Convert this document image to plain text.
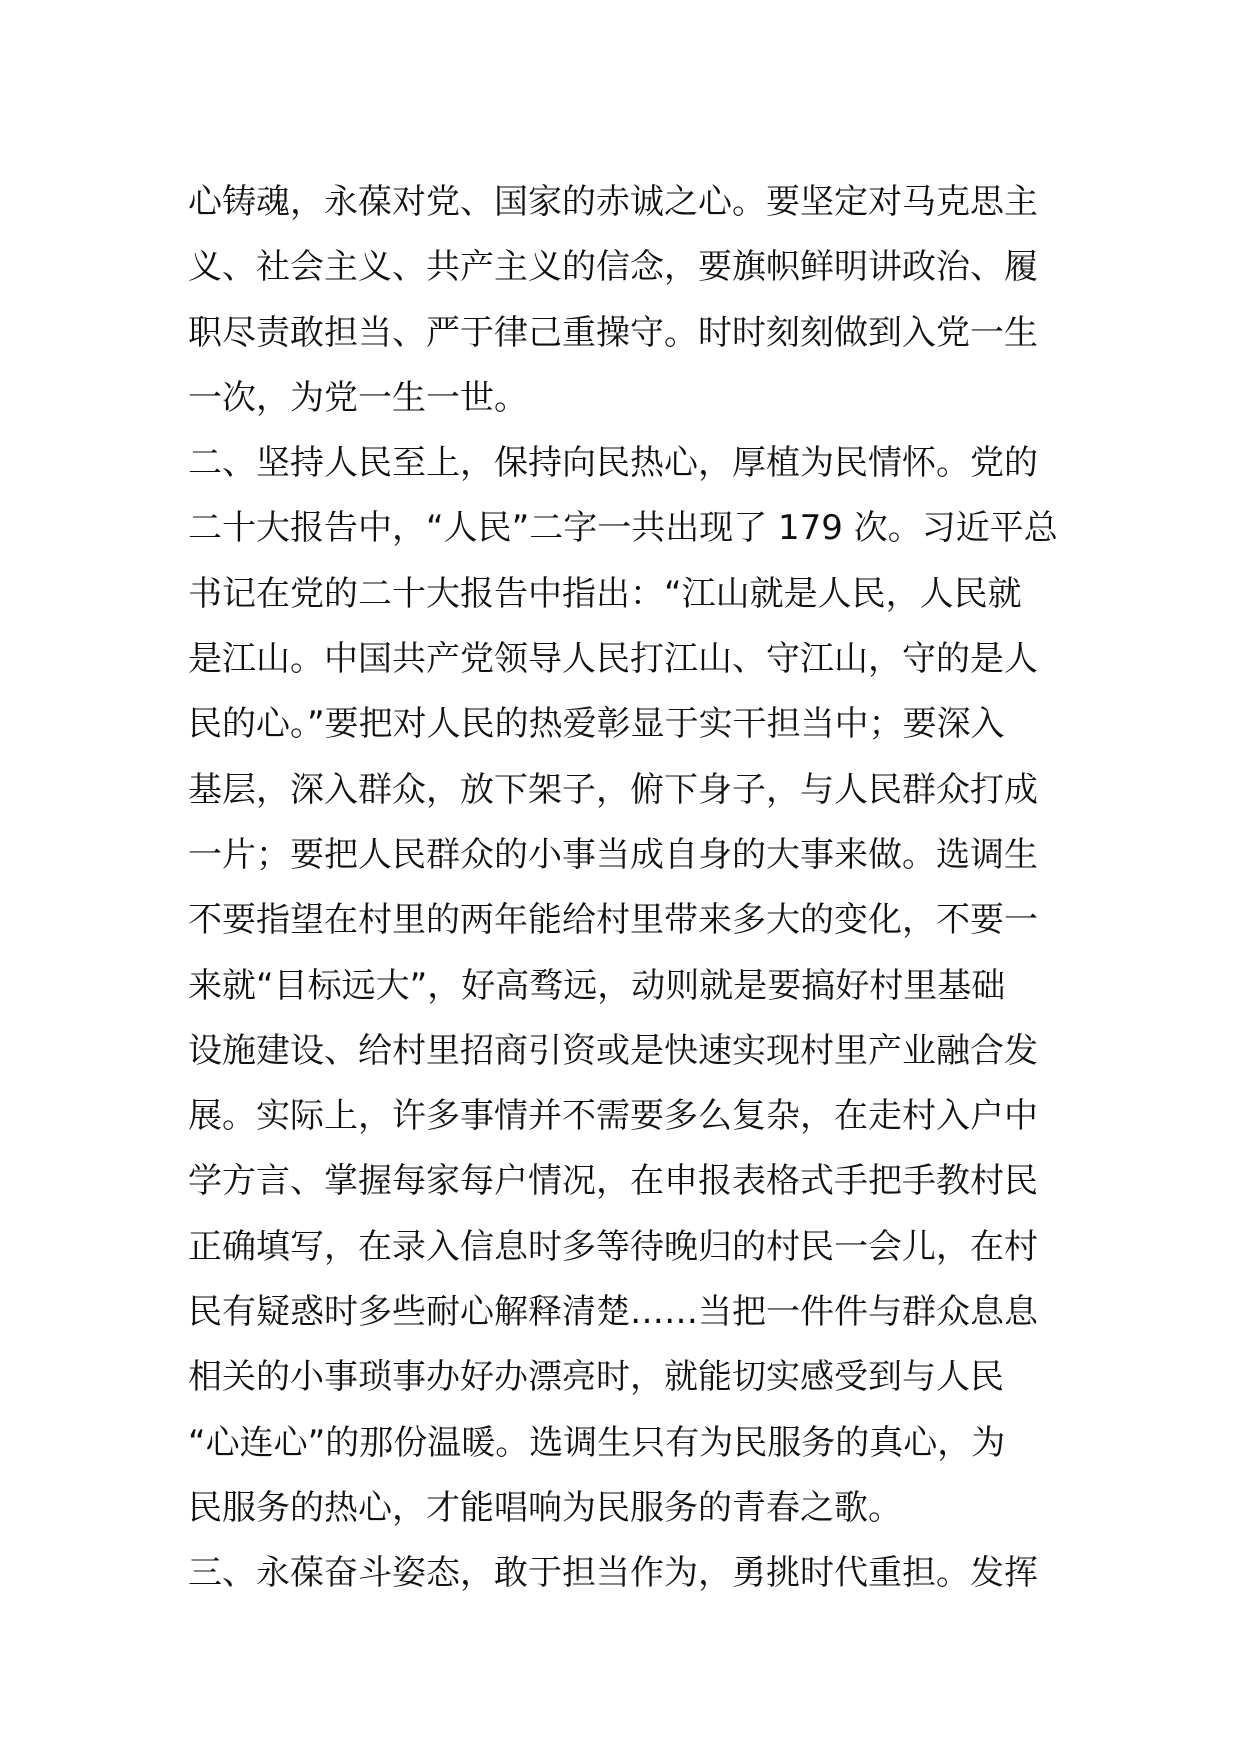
心铸魂，永葆对党、国家的赤诚之心。要坚定对马克思主
义、社会主义、共产主义的信念，要旗帜鲜明讲政治、履
职尽责敢担当、严于律己重操守。时时刻刻做到入党一生
一次，为党一生一世。
二、坚持人民至上，保持向民热心，厚植为民情怀。党的
二十大报告中，“人民”二字一共出现了 179 次。习近平总
书记在党的二十大报告中指出：“江山就是人民，人民就
是江山。中国共产党领导人民打江山、守江山，守的是人
民的心。”要把对人民的热爱彰显于实干担当中；要深入
基层，深入群众，放下架子，俯下身子，与人民群众打成
一片；要把人民群众的小事当成自身的大事来做。选调生
不要指望在村里的两年能给村里带来多大的变化，不要一
来就“目标远大”，好高骛远，动则就是要搞好村里基础
设施建设、给村里招商引资或是快速实现村里产业融合发
展。实际上，许多事情并不需要多么复杂，在走村入户中
学方言、掌握每家每户情况，在申报表格式手把手教村民
正确填写，在录入信息时多等待晚归的村民一会儿，在村
民有疑惑时多些耐心解释清楚……当把一件件与群众息息
相关的小事琐事办好办漂亮时，就能切实感受到与人民
“心连心”的那份温暖。选调生只有为民服务的真心，为
民服务的热心，才能唱响为民服务的青春之歌。
三、永葆奋斗姿态，敢于担当作为，勇挑时代重担。发挥
